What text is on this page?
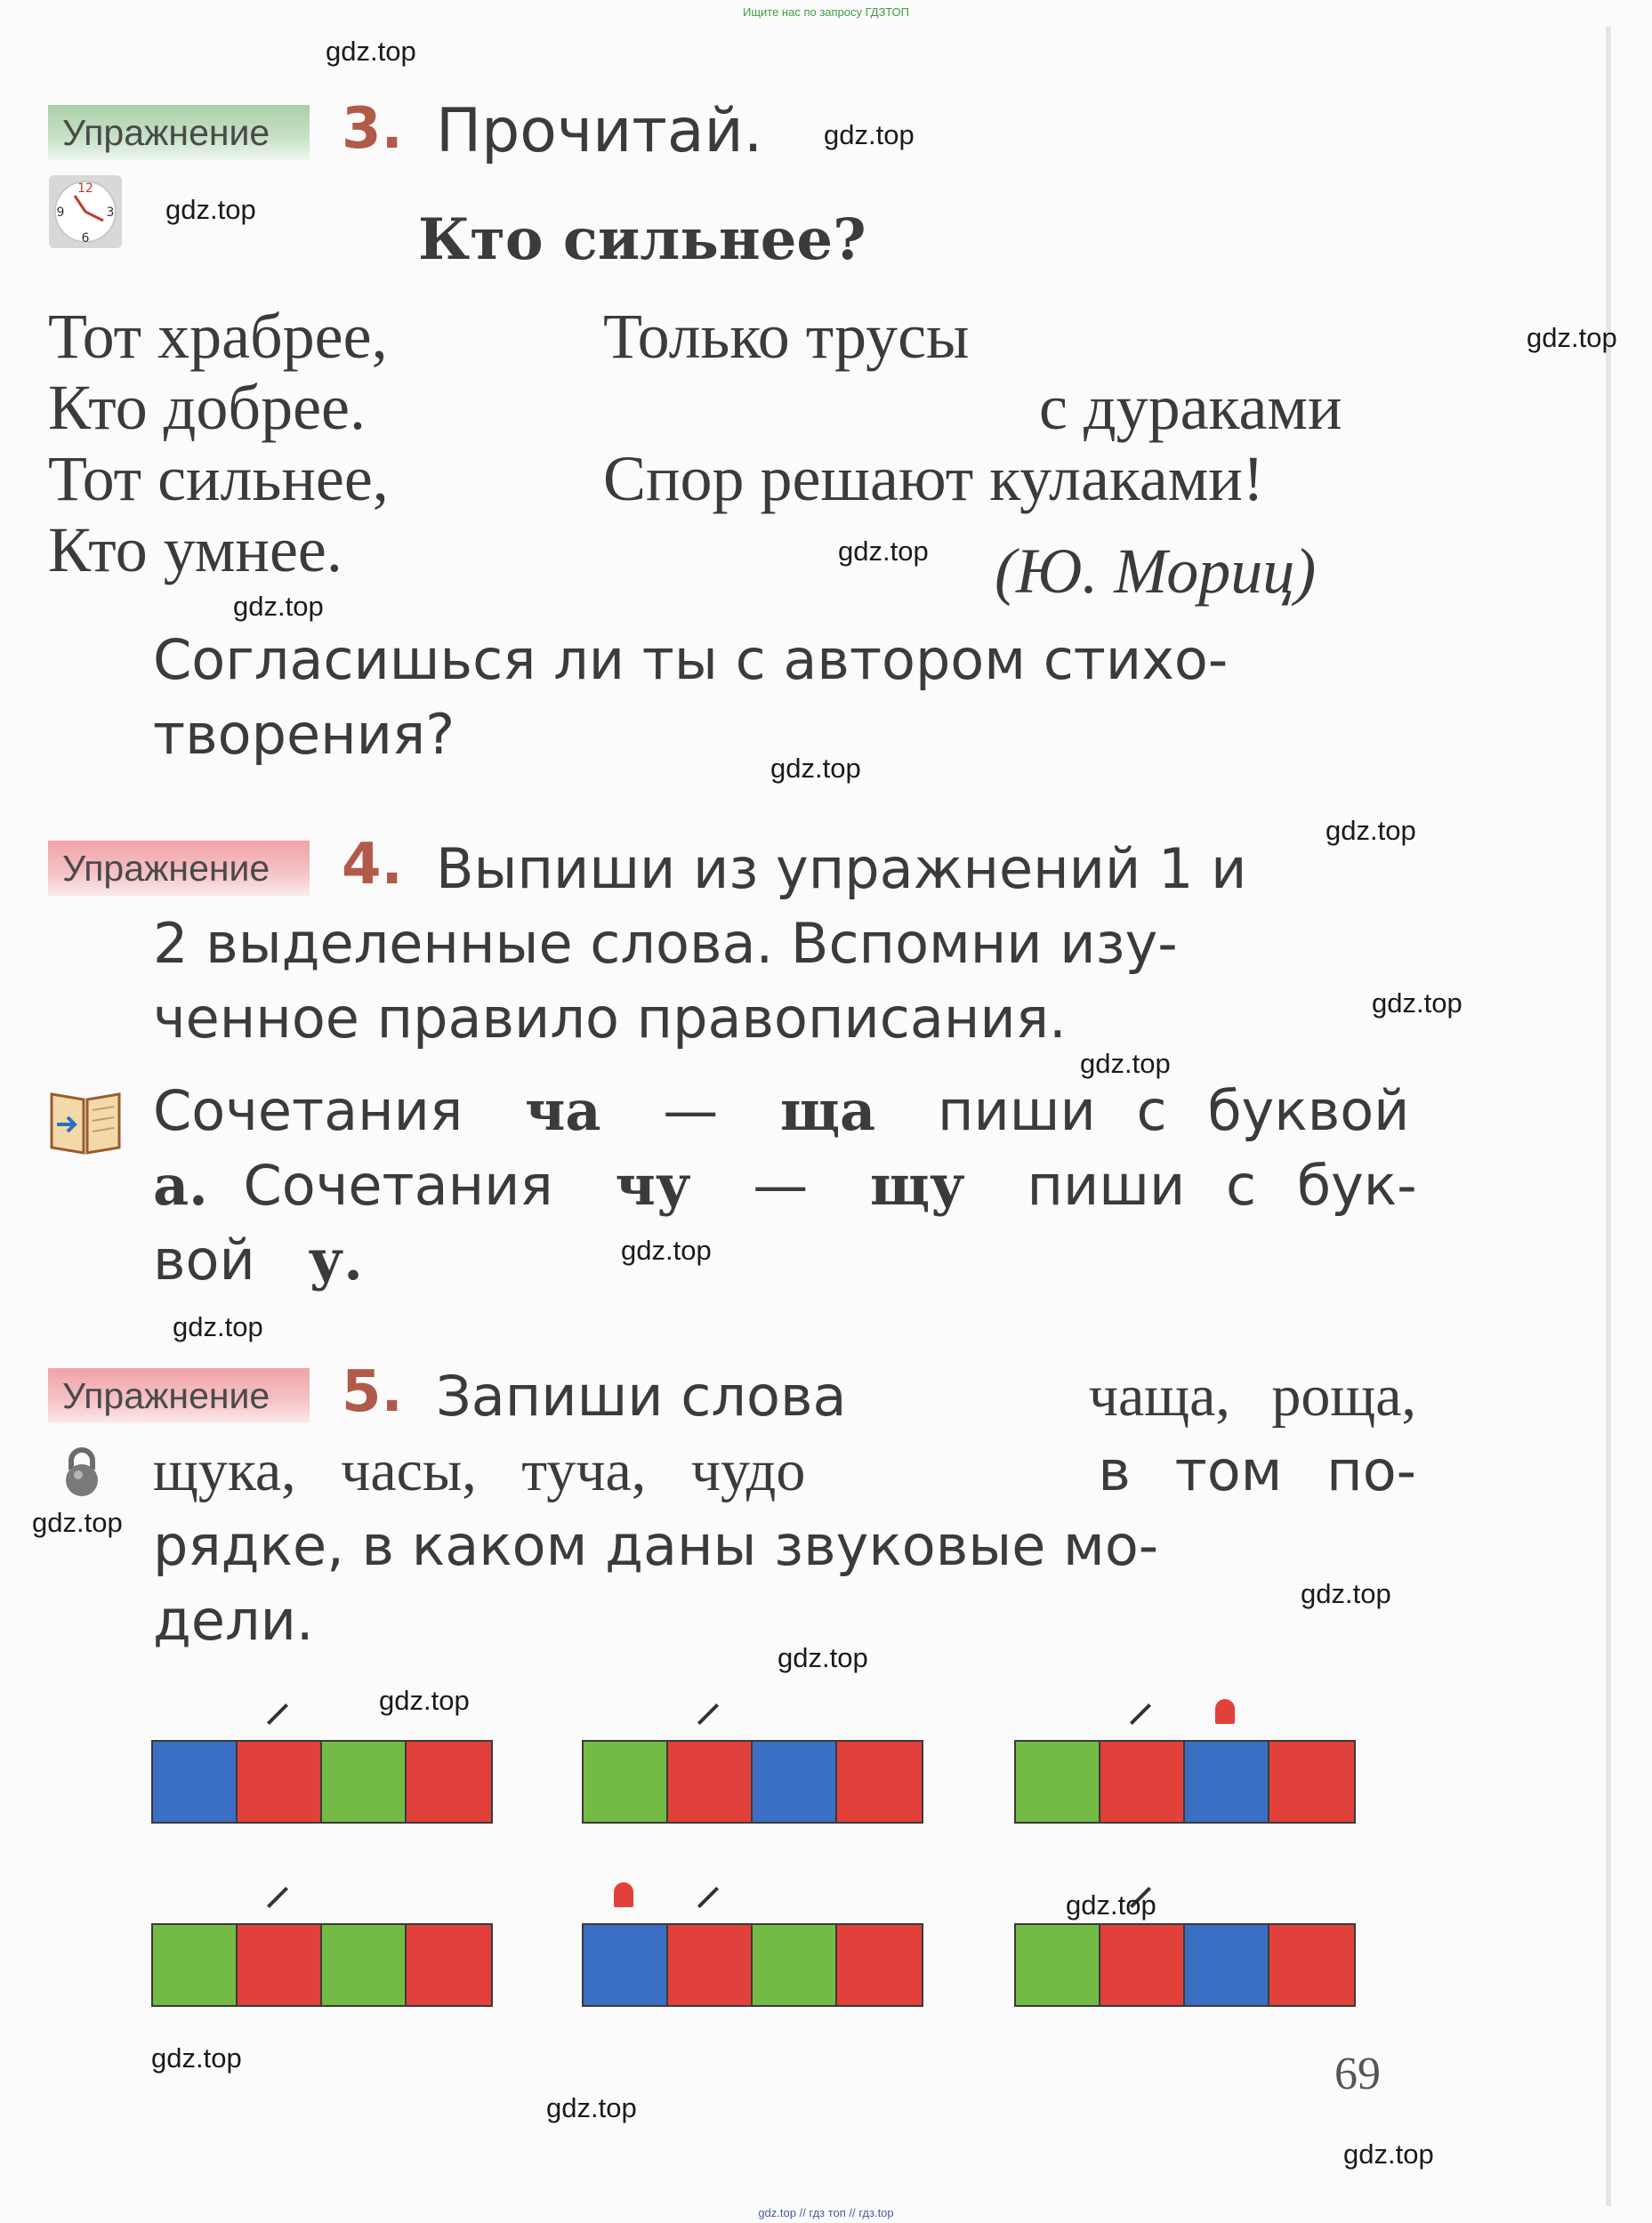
Ищите нас по запросу ГДЗТОП
gdz.top // гдз топ // гдз.top
Упражнение	3. Прочитай.
12
3
6
9	Кто сильнее?
Тот храбрее,
Кто добрее.
Тот сильнее,
Кто умнее.
Только трусы
с дураками
Спор решают кулаками!
(Ю. Мориц)
Согласишься ли ты с автором стихо-
творения?
Упражнение	4. Выпиши из упражнений 1 и
2 выделенные слова. Вспомни изу-
ченное правило правописания.
Сочетания ча — ща пиши с буквой
а. Сочетания чу — щу пиши с бук-
вой у.
Упражнение	5. Запиши слова	чаща, роща,
щука, часы, туча, чудо	в том по-
рядке, в каком даны звуковые мо-
дели.
69
gdz.top
gdz.top
gdz.top
gdz.top
gdz.top
gdz.top
gdz.top
gdz.top
gdz.top
gdz.top
gdz.top
gdz.top
gdz.top
gdz.top
gdz.top
gdz.top
gdz.top
gdz.top
gdz.top
gdz.top
